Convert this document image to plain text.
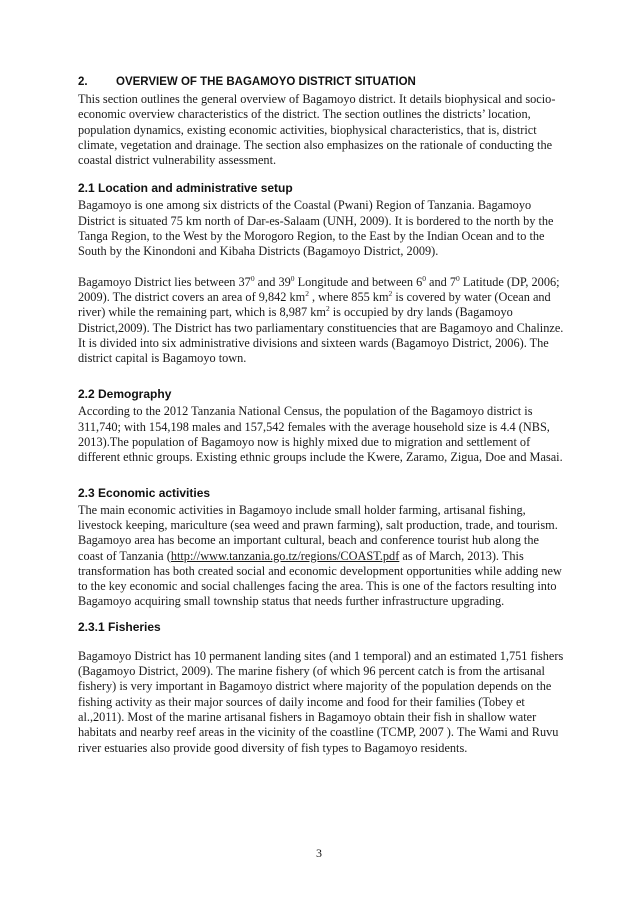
2.	OVERVIEW OF THE BAGAMOYO DISTRICT SITUATION

This section outlines the general overview of Bagamoyo district. It details biophysical and socio-economic overview characteristics of the district. The section outlines the districts’ location, population dynamics, existing economic activities, biophysical characteristics, that is, district climate, vegetation and drainage. The section also emphasizes on the rationale of conducting the coastal district vulnerability assessment.

2.1 Location and administrative setup

Bagamoyo is one among six districts of the Coastal (Pwani) Region of Tanzania. Bagamoyo District is situated 75 km north of Dar-es-Salaam (UNH, 2009). It is bordered to the north by the Tanga Region, to the West by the Morogoro Region, to the East by the Indian Ocean and to the South by the Kinondoni and Kibaha Districts (Bagamoyo District, 2009).

Bagamoyo District lies between $37^0$ and $39^0$ Longitude and between $6^0$ and $7^0$ Latitude (DP, 2006; 2009). The district covers an area of 9,842 $km^2$ , where 855 $km^2$ is covered by water (Ocean and river) while the remaining part, which is 8,987 $km^2$ is occupied by dry lands (Bagamoyo District,2009). The District has two parliamentary constituencies that are Bagamoyo and Chalinze. It is divided into six administrative divisions and sixteen wards (Bagamoyo District, 2006). The district capital is Bagamoyo town.

2.2 Demography

According to the 2012 Tanzania National Census, the population of the Bagamoyo district is 311,740; with 154,198 males and 157,542 females with the average household size is 4.4 (NBS, 2013).The population of Bagamoyo now is highly mixed due to migration and settlement of different ethnic groups. Existing ethnic groups include the Kwere, Zaramo, Zigua, Doe and Masai.

2.3 Economic activities

The main economic activities in Bagamoyo include small holder farming, artisanal fishing, livestock keeping, mariculture (sea weed and prawn farming), salt production, trade, and tourism. Bagamoyo area has become an important cultural, beach and conference tourist hub along the coast of Tanzania (http://www.tanzania.go.tz/regions/COAST.pdf as of March, 2013). This transformation has both created social and economic development opportunities while adding new to the key economic and social challenges facing the area. This is one of the factors resulting into Bagamoyo acquiring small township status that needs further infrastructure upgrading.

2.3.1 Fisheries

Bagamoyo District has 10 permanent landing sites (and 1 temporal) and an estimated 1,751 fishers (Bagamoyo District, 2009). The marine fishery (of which 96 percent catch is from the artisanal fishery) is very important in Bagamoyo district where majority of the population depends on the fishing activity as their major sources of daily income and food for their families (Tobey et al.,2011). Most of the marine artisanal fishers in Bagamoyo obtain their fish in shallow water habitats and nearby reef areas in the vicinity of the coastline (TCMP, 2007 ). The Wami and Ruvu river estuaries also provide good diversity of fish types to Bagamoyo residents.

3
